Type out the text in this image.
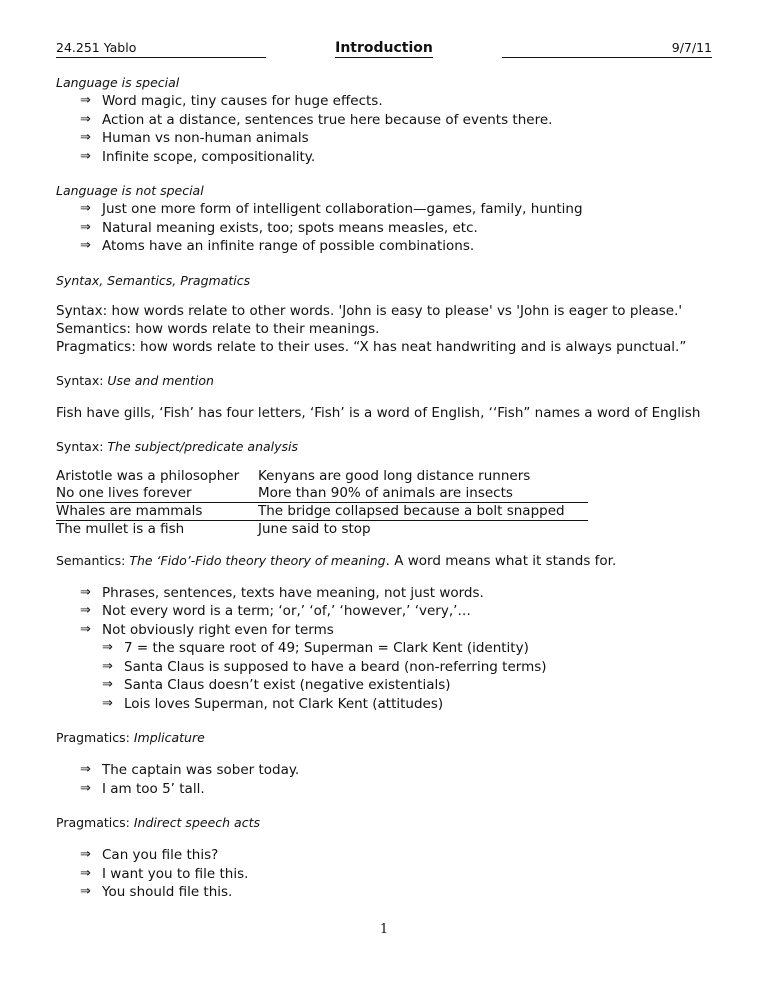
24.251 Yablo	Introduction	9/7/11
Language is special
⇒ Word magic, tiny causes for huge effects.
⇒ Action at a distance, sentences true here because of events there.
⇒ Human vs non-human animals
⇒ Infinite scope, compositionality.
Language is not special
⇒ Just one more form of intelligent collaboration—games, family, hunting
⇒ Natural meaning exists, too; spots means measles, etc.
⇒ Atoms have an infinite range of possible combinations.
Syntax, Semantics, Pragmatics
Syntax: how words relate to other words. 'John is easy to please' vs 'John is eager to please.'
Semantics: how words relate to their meanings.
Pragmatics: how words relate to their uses. “X has neat handwriting and is always punctual.”
Syntax: Use and mention
Fish have gills, ‘Fish’ has four letters, ‘Fish’ is a word of English, ‘‘Fish” names a word of English
Syntax: The subject/predicate analysis
Aristotle was a philosopher	Kenyans are good long distance runners
No one lives forever	More than 90% of animals are insects
Whales are mammals	The bridge collapsed because a bolt snapped
The mullet is a fish	June said to stop
Semantics: The ‘Fido’-Fido theory theory of meaning. A word means what it stands for.
⇒ Phrases, sentences, texts have meaning, not just words.
⇒ Not every word is a term; ‘or,’ ‘of,’ ‘however,’ ‘very,’…
⇒ Not obviously right even for terms
⇒ 7 = the square root of 49; Superman = Clark Kent (identity)
⇒ Santa Claus is supposed to have a beard (non-referring terms)
⇒ Santa Claus doesn’t exist (negative existentials)
⇒ Lois loves Superman, not Clark Kent (attitudes)
Pragmatics: Implicature
⇒ The captain was sober today.
⇒ I am too 5’ tall.
Pragmatics: Indirect speech acts
⇒ Can you file this?
⇒ I want you to file this.
⇒ You should file this.
1
